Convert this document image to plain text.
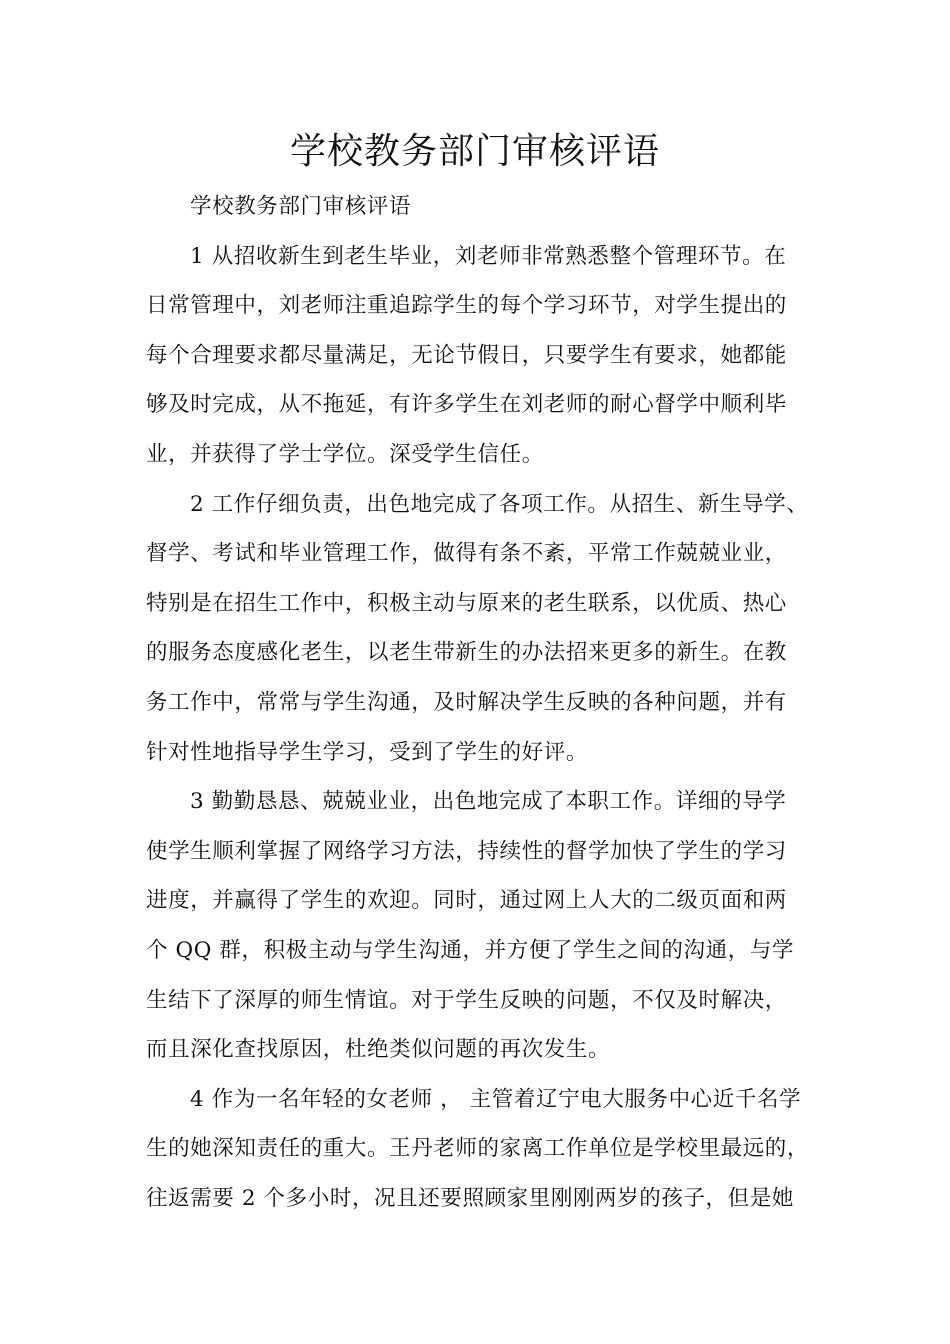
学校教务部门审核评语
学校教务部门审核评语
1 从招收新生到老生毕业，刘老师非常熟悉整个管理环节。在
日常管理中，刘老师注重追踪学生的每个学习环节，对学生提出的
每个合理要求都尽量满足，无论节假日，只要学生有要求，她都能
够及时完成，从不拖延，有许多学生在刘老师的耐心督学中顺利毕
业，并获得了学士学位。深受学生信任。
2 工作仔细负责，出色地完成了各项工作。从招生、新生导学、
督学、考试和毕业管理工作，做得有条不紊，平常工作兢兢业业，
特别是在招生工作中，积极主动与原来的老生联系，以优质、热心
的服务态度感化老生，以老生带新生的办法招来更多的新生。在教
务工作中，常常与学生沟通，及时解决学生反映的各种问题，并有
针对性地指导学生学习，受到了学生的好评。
3 勤勤恳恳、兢兢业业，出色地完成了本职工作。详细的导学
使学生顺利掌握了网络学习方法，持续性的督学加快了学生的学习
进度，并赢得了学生的欢迎。同时，通过网上人大的二级页面和两
个 QQ 群，积极主动与学生沟通，并方便了学生之间的沟通，与学
生结下了深厚的师生情谊。对于学生反映的问题，不仅及时解决，
而且深化查找原因，杜绝类似问题的再次发生。
4 作为一名年轻的女老师 ， 主管着辽宁电大服务中心近千名学
生的她深知责任的重大。王丹老师的家离工作单位是学校里最远的，
往返需要 2 个多小时，况且还要照顾家里刚刚两岁的孩子，但是她
